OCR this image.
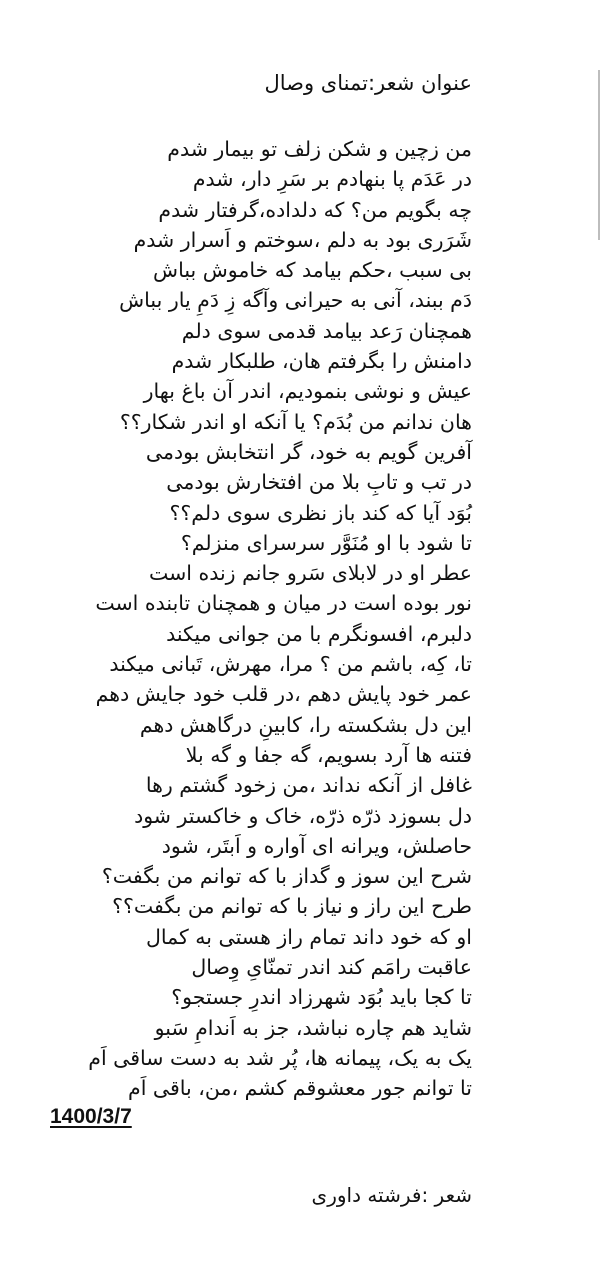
عنوان شعر:تمنای وصال
من زچین و شکن زلف تو بیمار شدم
در عَدَم پا بنهادم بر سَرِ دار، شدم
چه بگویم من؟ که دلداده،گرفتار شدم
شَرَری بود به دلم ،سوختم و اَسرار شدم
بی سبب ،حکم بیامد که خاموش بباش
دَم ببند، آنی به حیرانی وآگه زِ دَمِ یار بباش
همچنان رَعد بیامد قدمی سوی دلم
دامنش را بگرفتم هان، طلبکار شدم
عیش و نوشی بنمودیم، اندر آن باغ بهار
هان ندانم من بُدَم؟ یا آنکه او اندر شکار؟؟
آفرین گویم به خود، گر انتخابش بودمی
در تب و تابِ بلا من افتخارش بودمی
بُوَد آیا که کند باز نظری سوی دلم؟؟
تا شود با او مُنَوَّر سرسرای منزلم؟
عطر او در لابلای سَرو جانم زنده است
نور بوده است در میان و همچنان تابنده است
دلبرم، افسونگرم با من جوانی میکند
تا، کِه، باشم من ؟ مرا، مهرش، تَبانی میکند
عمر خود پایش دهم ،در قلب خود جایش دهم
این دل بشکسته را، کابینِ درگاهش دهم
فتنه ها آرد بسویم، گه جفا و گه بلا
غافل از آنکه نداند ،من زخود گشتم رها
دل بسوزد ذرّه ذرّه، خاک و خاکستر شود
حاصلش، ویرانه ای آواره و اَبتَر، شود
شرح این سوز و گداز با که توانم من بگفت؟
طرح این راز و نیاز با که توانم من بگفت؟؟
او که خود داند تمام راز هستی به کمال
عاقبت رامَم کند اندر تمنّایِ وِصال
تا کجا باید بُوَد شهرزاد اندرِ جستجو؟
شاید هم چاره نباشد، جز به اَندامِ سَبو
یک به یک، پیمانه ها، پُر شد به دست ساقی اَم
تا توانم جور معشوقم کشم ،من، باقی اَم
1400/3/7
شعر :فرشته داوری
